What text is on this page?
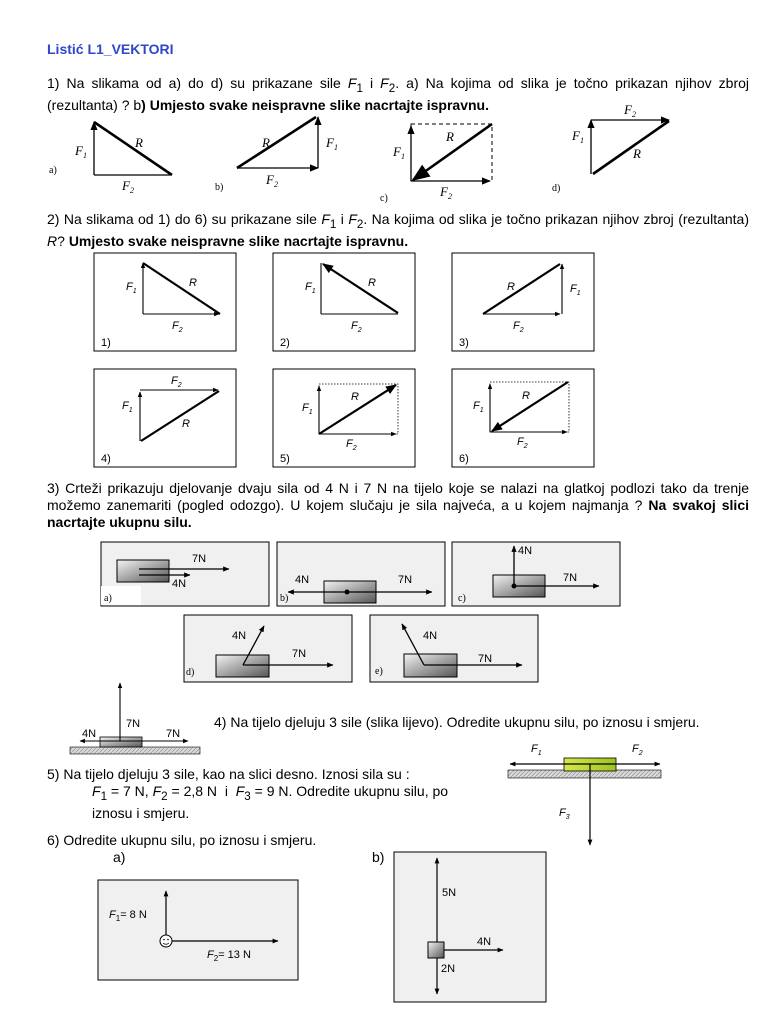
Listić L1_VEKTORI
1) Na slikama od a) do d) su prikazane sile $F_1$ i $F_2$. a) Na kojima od slika je točno prikazan njihov zbroj (rezultanta) ? b) Umjesto svake neispravne slike nacrtajte ispravnu.
2) Na slikama od 1) do 6) su prikazane sile $F_1$ i $F_2$. Na kojima od slika je točno prikazan njihov zbroj (rezultanta) R? Umjesto svake neispravne slike nacrtajte ispravnu.
3) Crteži prikazuju djelovanje dvaju sila od 4 N i 7 N na tijelo koje se nalazi na glatkoj podlozi tako da trenje možemo zanemariti (pogled odozgo). U kojem slučaju je sila najveća, a u kojem najmanja ? Na svakoj slici nacrtajte ukupnu silu.
4) Na tijelo djeluju 3 sile (slika lijevo). Odredite ukupnu silu, po iznosu i smjeru.
5) Na tijelo djeluju 3 sile, kao na slici desno. Iznosi sila su :
$F_1 = 7$ N, $F_2 = 2,8$ N  i  $F_3 = 9$ N. Odredite ukupnu silu, po iznosu i smjeru.
6) Odredite ukupnu silu, po iznosu i smjeru.
a)	b)
$F_1$
R
$F_2$
a)
R	$F_1$
$F_2$
b)
R
$F_1$
$F_2$
c)
$F_2$
$F_1$
R
d)
$F_1$
R
$F_2$
1)
$F_1$
R
$F_2$
2)
R	$F_1$
$F_2$
3)
$F_2$
$F_1$
R
4)
R
$F_1$
$F_2$
5)
R
$F_1$
$F_2$
6)
7N
4N
a)
4N	7N
b)
4N
7N
c)
4N
7N
d)
4N
7N
e)
4N
7N
7N
$F_1$	$F_2$
$F_3$
$F_1= 8$ N
$F_2= 13$ N
5N
4N
2N
